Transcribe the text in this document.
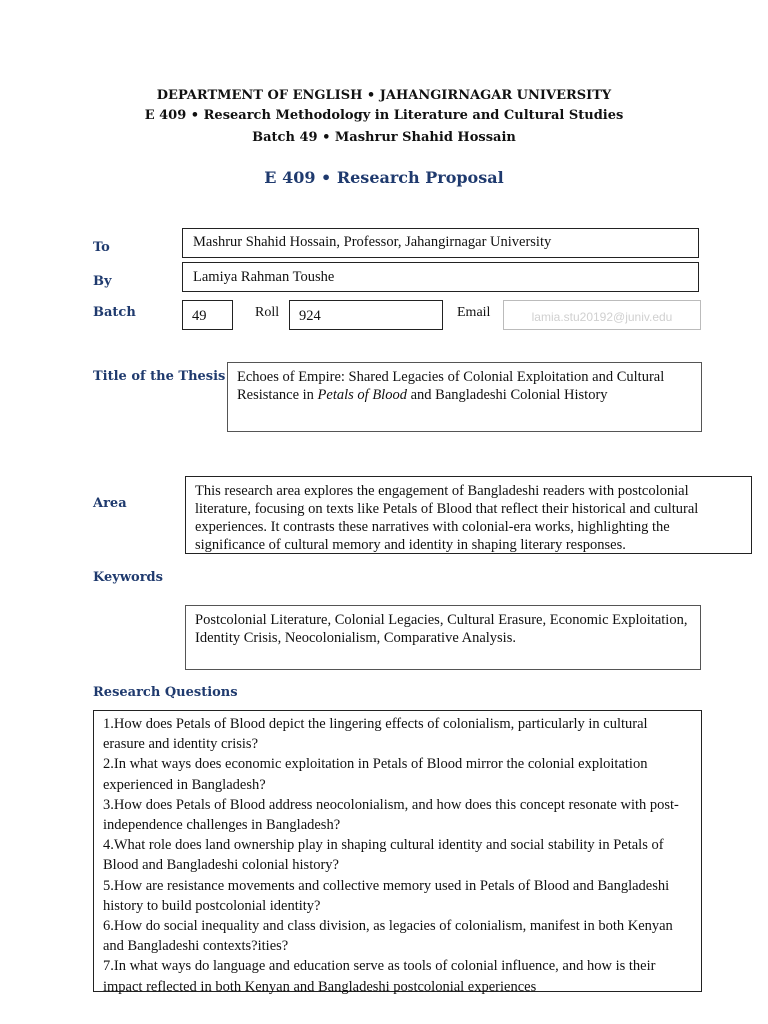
DEPARTMENT OF ENGLISH • JAHANGIRNAGAR UNIVERSITY
E 409 • Research Methodology in Literature and Cultural Studies
Batch 49 • Mashrur Shahid Hossain
E 409 • Research Proposal
To	Mashrur Shahid Hossain, Professor, Jahangirnagar University
By	Lamiya Rahman Toushe
Batch	49	Roll 924	Email	lamia.stu20192@juniv.edu
Title of the Thesis Echoes of Empire: Shared Legacies of Colonial Exploitation and Cultural Resistance in Petals of Blood and Bangladeshi Colonial History
Area
This research area explores the engagement of Bangladeshi readers with postcolonial literature, focusing on texts like Petals of Blood that reflect their historical and cultural experiences. It contrasts these narratives with colonial-era works, highlighting the significance of cultural memory and identity in shaping literary responses.
Keywords
Postcolonial Literature, Colonial Legacies, Cultural Erasure, Economic Exploitation, Identity Crisis, Neocolonialism, Comparative Analysis.
Research Questions
1.How does Petals of Blood depict the lingering effects of colonialism, particularly in cultural erasure and identity crisis?
2.In what ways does economic exploitation in Petals of Blood mirror the colonial exploitation experienced in Bangladesh?
3.How does Petals of Blood address neocolonialism, and how does this concept resonate with post-independence challenges in Bangladesh?
4.What role does land ownership play in shaping cultural identity and social stability in Petals of Blood and Bangladeshi colonial history?
5.How are resistance movements and collective memory used in Petals of Blood and Bangladeshi history to build postcolonial identity?
6.How do social inequality and class division, as legacies of colonialism, manifest in both Kenyan and Bangladeshi contexts?ities?
7.In what ways do language and education serve as tools of colonial influence, and how is their impact reflected in both Kenyan and Bangladeshi postcolonial experiences
